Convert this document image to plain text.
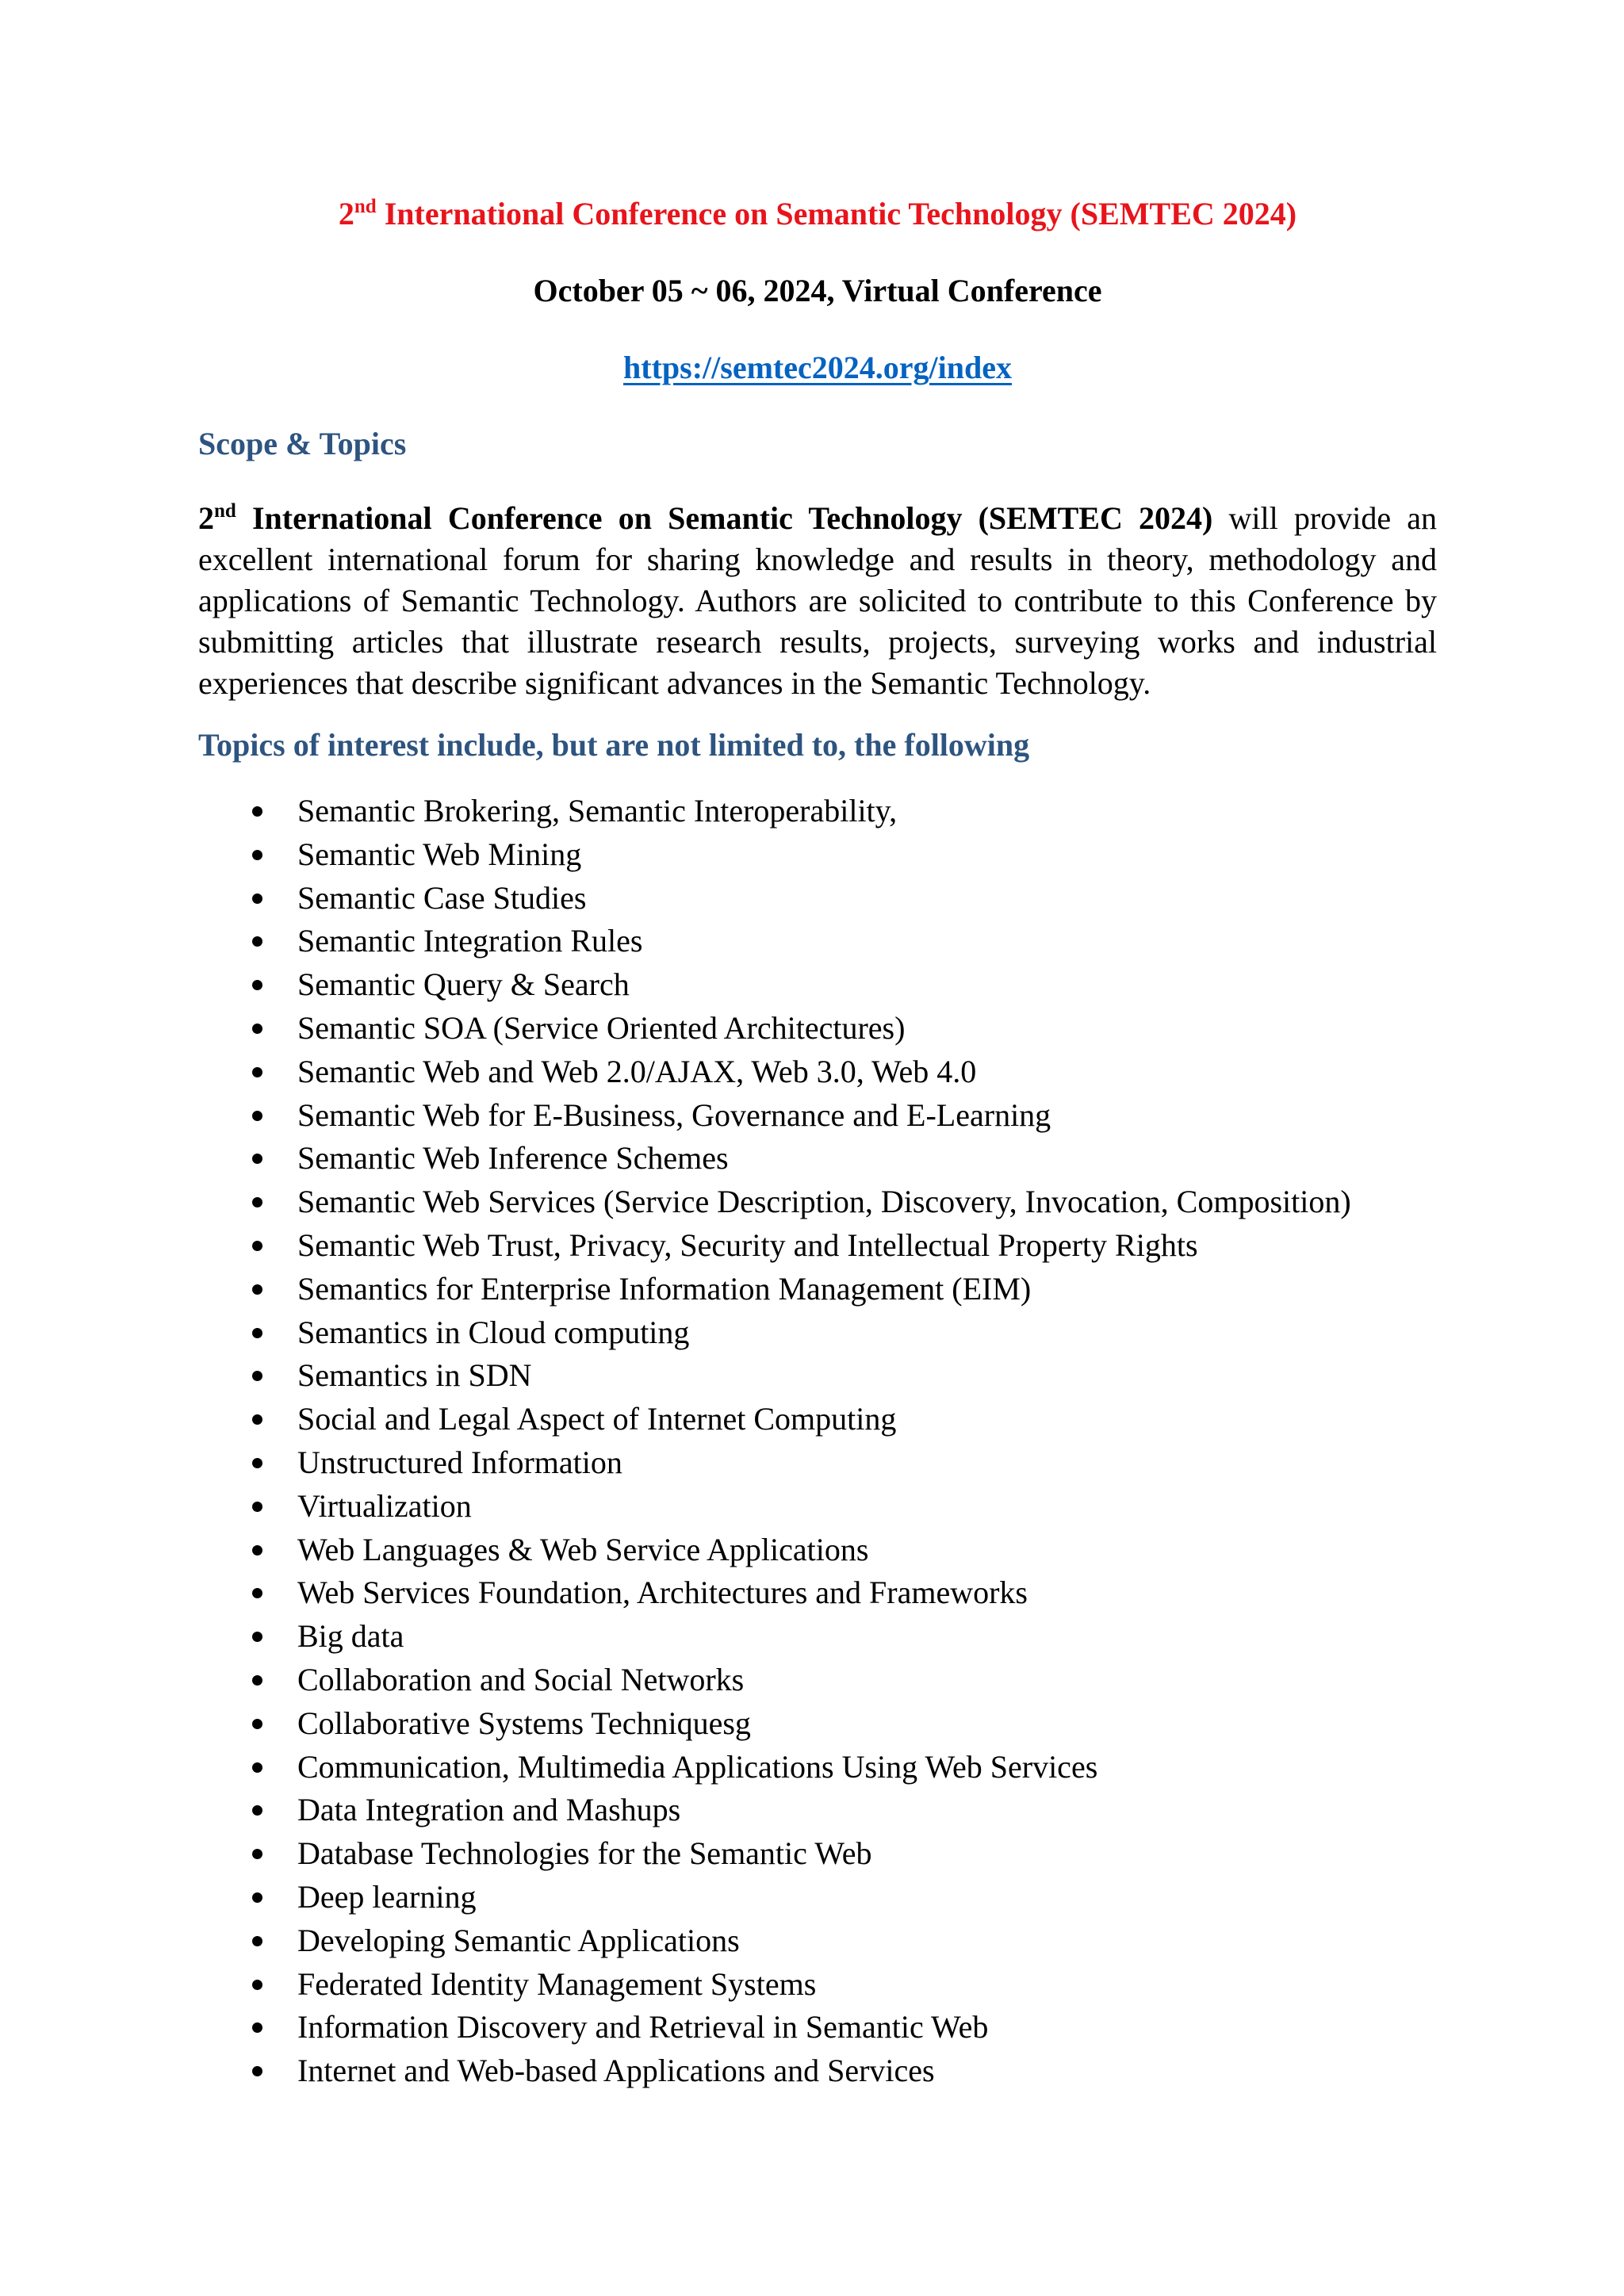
2nd International Conference on Semantic Technology (SEMTEC 2024)
October 05 ~ 06, 2024, Virtual Conference
https://semtec2024.org/index
Scope & Topics
2nd International Conference on Semantic Technology (SEMTEC 2024) will provide an excellent international forum for sharing knowledge and results in theory, methodology and applications of Semantic Technology. Authors are solicited to contribute to this Conference by submitting articles that illustrate research results, projects, surveying works and industrial experiences that describe significant advances in the Semantic Technology.
Topics of interest include, but are not limited to, the following
Semantic Brokering, Semantic Interoperability,
Semantic Web Mining
Semantic Case Studies
Semantic Integration Rules
Semantic Query & Search
Semantic SOA (Service Oriented Architectures)
Semantic Web and Web 2.0/AJAX, Web 3.0, Web 4.0
Semantic Web for E-Business, Governance and E-Learning
Semantic Web Inference Schemes
Semantic Web Services (Service Description, Discovery, Invocation, Composition)
Semantic Web Trust, Privacy, Security and Intellectual Property Rights
Semantics for Enterprise Information Management (EIM)
Semantics in Cloud computing
Semantics in SDN
Social and Legal Aspect of Internet Computing
Unstructured Information
Virtualization
Web Languages & Web Service Applications
Web Services Foundation, Architectures and Frameworks
Big data
Collaboration and Social Networks
Collaborative Systems Techniquesg
Communication, Multimedia Applications Using Web Services
Data Integration and Mashups
Database Technologies for the Semantic Web
Deep learning
Developing Semantic Applications
Federated Identity Management Systems
Information Discovery and Retrieval in Semantic Web
Internet and Web-based Applications and Services
